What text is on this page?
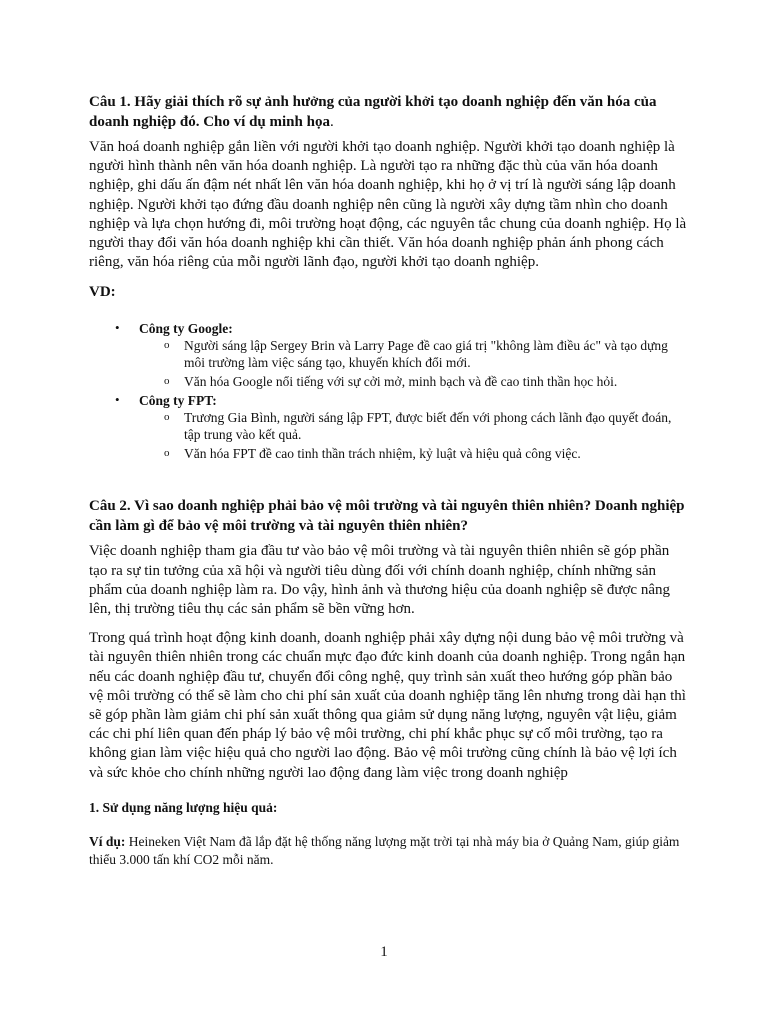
Câu 1. Hãy giải thích rõ sự ảnh hưởng của người khởi tạo doanh nghiệp đến văn hóa của doanh nghiệp đó. Cho ví dụ minh họa.

Văn hoá doanh nghiệp gắn liền với người khởi tạo doanh nghiệp. Người khởi tạo doanh nghiệp là người hình thành nên văn hóa doanh nghiệp. Là người tạo ra những đặc thù của văn hóa doanh nghiệp, ghi dấu ấn đậm nét nhất lên văn hóa doanh nghiệp, khi họ ở vị trí là người sáng lập doanh nghiệp. Người khởi tạo đứng đầu doanh nghiệp nên cũng là người xây dựng tầm nhìn cho doanh nghiệp và lựa chọn hướng đi, môi trường hoạt động, các nguyên tắc chung của doanh nghiệp. Họ là người thay đổi văn hóa doanh nghiệp khi cần thiết. Văn hóa doanh nghiệp phản ánh phong cách riêng, văn hóa riêng của mỗi người lãnh đạo, người khởi tạo doanh nghiệp.

VD:

• Công ty Google:
o Người sáng lập Sergey Brin và Larry Page đề cao giá trị "không làm điều ác" và tạo dựng môi trường làm việc sáng tạo, khuyến khích đổi mới.
o Văn hóa Google nổi tiếng với sự cởi mở, minh bạch và đề cao tinh thần học hỏi.
• Công ty FPT:
o Trương Gia Bình, người sáng lập FPT, được biết đến với phong cách lãnh đạo quyết đoán, tập trung vào kết quả.
o Văn hóa FPT đề cao tinh thần trách nhiệm, kỷ luật và hiệu quả công việc.

Câu 2. Vì sao doanh nghiệp phải bảo vệ môi trường và tài nguyên thiên nhiên? Doanh nghiệp cần làm gì để bảo vệ môi trường và tài nguyên thiên nhiên?

Việc doanh nghiệp tham gia đầu tư vào bảo vệ môi trường và tài nguyên thiên nhiên sẽ góp phần tạo ra sự tin tưởng của xã hội và người tiêu dùng đối với chính doanh nghiệp, chính những sản phẩm của doanh nghiệp làm ra. Do vậy, hình ảnh và thương hiệu của doanh nghiệp sẽ được nâng lên, thị trường tiêu thụ các sản phẩm sẽ bền vững hơn.

Trong quá trình hoạt động kinh doanh, doanh nghiệp phải xây dựng nội dung bảo vệ môi trường và tài nguyên thiên nhiên trong các chuẩn mực đạo đức kinh doanh của doanh nghiệp. Trong ngắn hạn nếu các doanh nghiệp đầu tư, chuyển đổi công nghệ, quy trình sản xuất theo hướng góp phần bảo vệ môi trường có thể sẽ làm cho chi phí sản xuất của doanh nghiệp tăng lên nhưng trong dài hạn thì sẽ góp phần làm giảm chi phí sản xuất thông qua giảm sử dụng năng lượng, nguyên vật liệu, giảm các chi phí liên quan đến pháp lý bảo vệ môi trường, chi phí khắc phục sự cố môi trường, tạo ra không gian làm việc hiệu quả cho người lao động. Bảo vệ môi trường cũng chính là bảo vệ lợi ích và sức khỏe cho chính những người lao động đang làm việc trong doanh nghiệp

1. Sử dụng năng lượng hiệu quả:

Ví dụ: Heineken Việt Nam đã lắp đặt hệ thống năng lượng mặt trời tại nhà máy bia ở Quảng Nam, giúp giảm thiểu 3.000 tấn khí CO2 mỗi năm.

1
